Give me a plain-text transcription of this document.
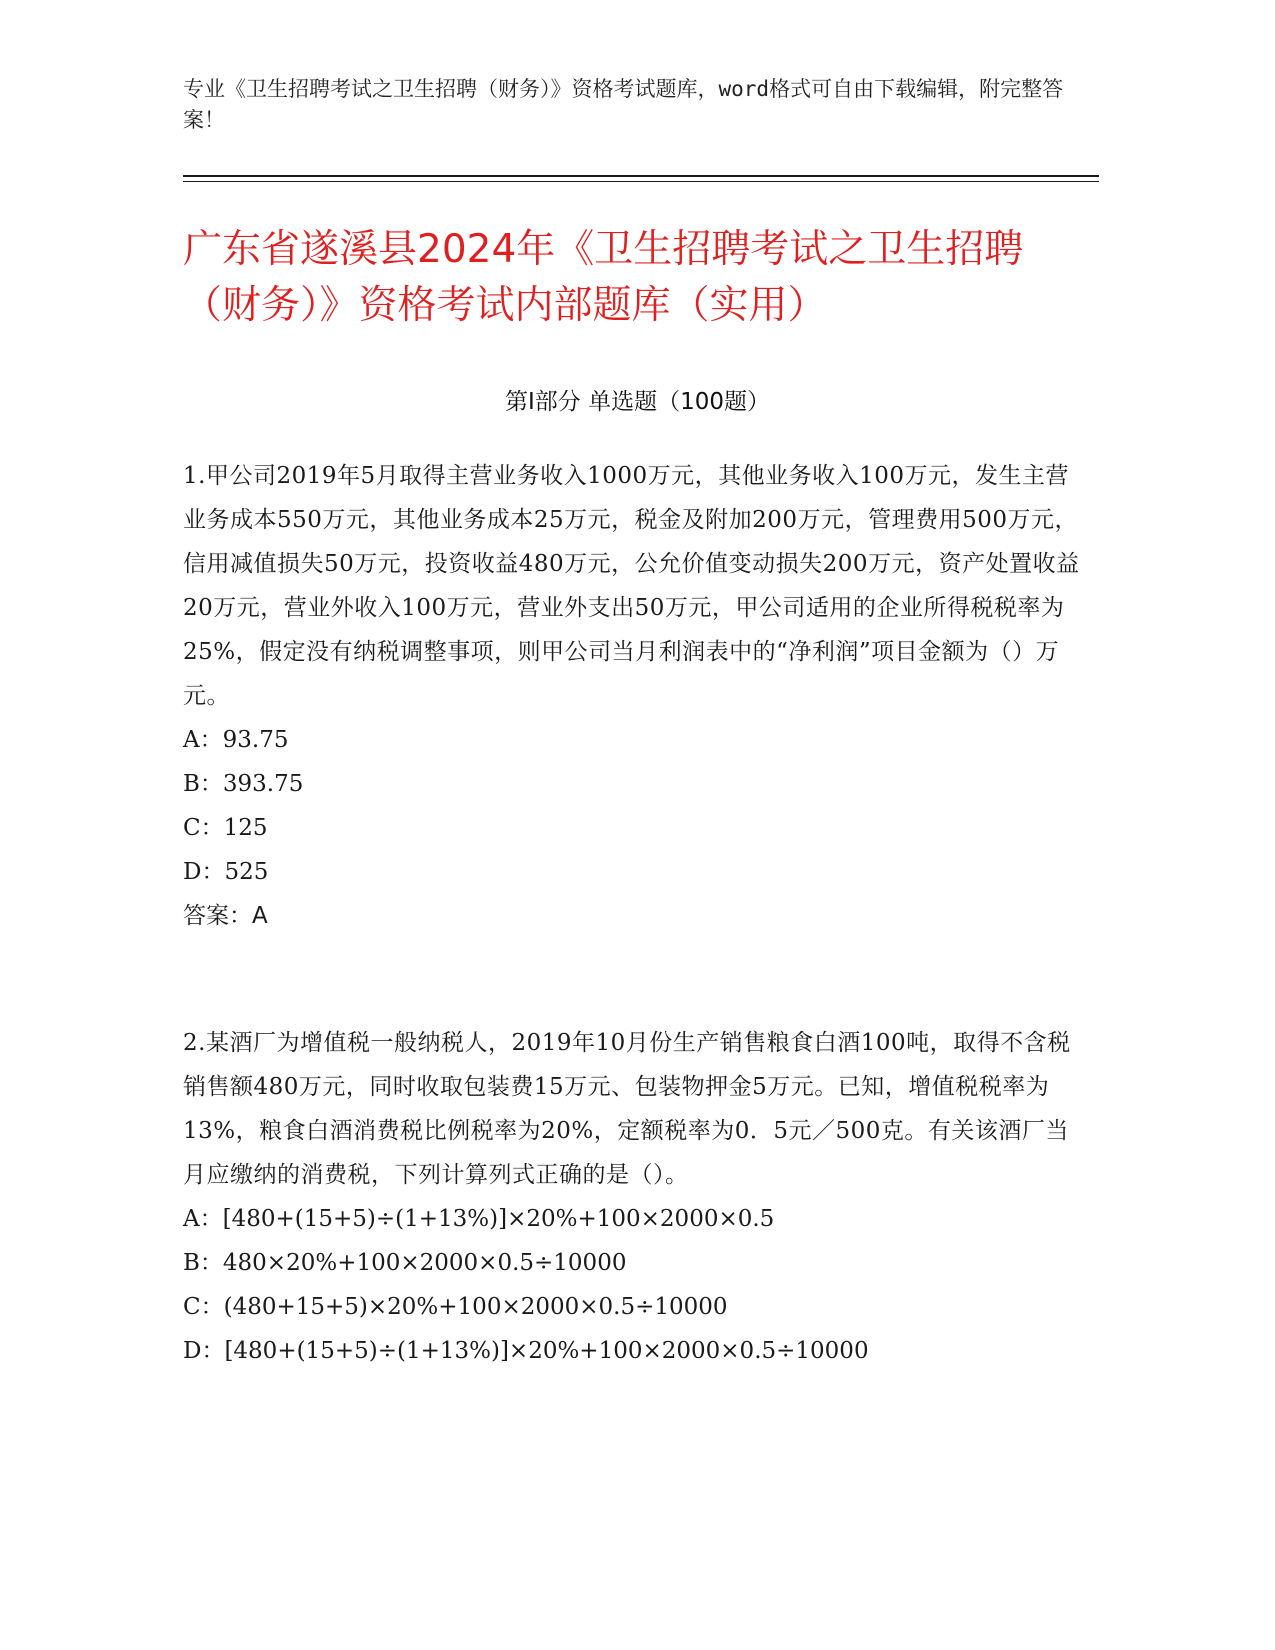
专业《卫生招聘考试之卫生招聘（财务）》资格考试题库，word格式可自由下载编辑，附完整答案！
广东省遂溪县2024年《卫生招聘考试之卫生招聘（财务）》资格考试内部题库（实用）
第Ⅰ部分 单选题（100题）
1.甲公司2019年5月取得主营业务收入1000万元，其他业务收入100万元，发生主营业务成本550万元，其他业务成本25万元，税金及附加200万元，管理费用500万元，信用减值损失50万元，投资收益480万元，公允价值变动损失200万元，资产处置收益20万元，营业外收入100万元，营业外支出50万元，甲公司适用的企业所得税税率为25%，假定没有纳税调整事项，则甲公司当月利润表中的“净利润”项目金额为（）万元。
A：93.75
B：393.75
C：125
D：525
答案：A
2.某酒厂为增值税一般纳税人，2019年10月份生产销售粮食白酒100吨，取得不含税销售额480万元，同时收取包装费15万元、包装物押金5万元。已知，增值税税率为13%，粮食白酒消费税比例税率为20%，定额税率为0．5元／500克。有关该酒厂当月应缴纳的消费税，下列计算列式正确的是（）。
A：[480+(15+5)÷(1+13%)]×20%+100×2000×0.5
B：480×20%+100×2000×0.5÷10000
C：(480+15+5)×20%+100×2000×0.5÷10000
D：[480+(15+5)÷(1+13%)]×20%+100×2000×0.5÷10000
